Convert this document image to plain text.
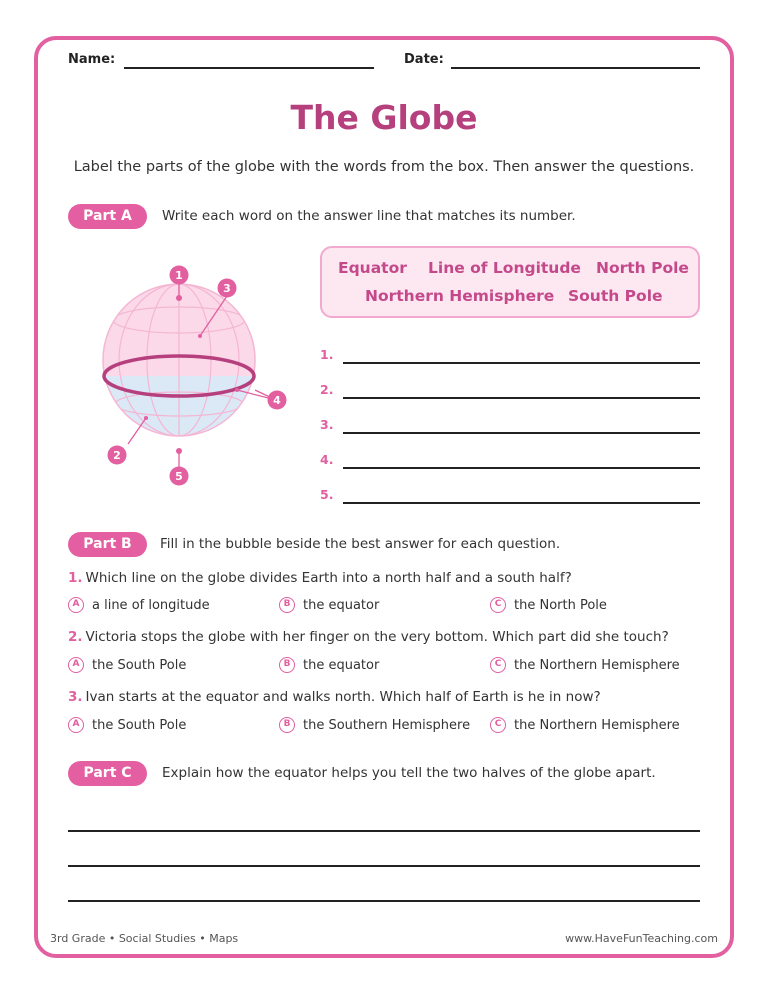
Name:	Date:
The Globe
Label the parts of the globe with the words from the box. Then answer the questions.
Part A	Write each word on the answer line that matches its number.
Equator Line of Longitude North Pole
Northern Hemisphere South Pole
1
2
3
4
5
1.
2.
3.
4.
5.
Part B	Fill in the bubble beside the best answer for each question.
1. Which line on the globe divides Earth into a north half and a south half?
A a line of longitude	B the equator	C the North Pole
2. Victoria stops the globe with her finger on the very bottom. Which part did she touch?
A the South Pole	B the equator	C the Northern Hemisphere
3. Ivan starts at the equator and walks north. Which half of Earth is he in now?
A the South Pole	B the Southern Hemisphere	C the Northern Hemisphere
Part C	Explain how the equator helps you tell the two halves of the globe apart.
3rd Grade • Social Studies • Maps	www.HaveFunTeaching.com
